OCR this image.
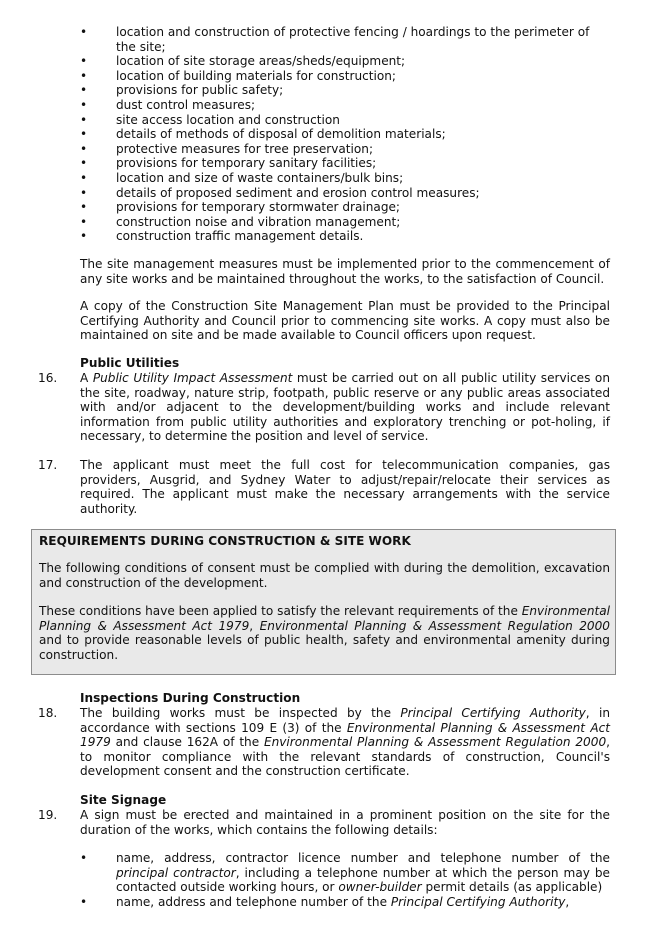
• location and construction of protective fencing / hoardings to the perimeter of the site;
• location of site storage areas/sheds/equipment;
• location of building materials for construction;
• provisions for public safety;
• dust control measures;
• site access location and construction
• details of methods of disposal of demolition materials;
• protective measures for tree preservation;
• provisions for temporary sanitary facilities;
• location and size of waste containers/bulk bins;
• details of proposed sediment and erosion control measures;
• provisions for temporary stormwater drainage;
• construction noise and vibration management;
• construction traffic management details.

The site management measures must be implemented prior to the commencement of any site works and be maintained throughout the works, to the satisfaction of Council.

A copy of the Construction Site Management Plan must be provided to the Principal Certifying Authority and Council prior to commencing site works. A copy must also be maintained on site and be made available to Council officers upon request.

Public Utilities

16. A Public Utility Impact Assessment must be carried out on all public utility services on the site, roadway, nature strip, footpath, public reserve or any public areas associated with and/or adjacent to the development/building works and include relevant information from public utility authorities and exploratory trenching or pot-holing, if necessary, to determine the position and level of service.

17. The applicant must meet the full cost for telecommunication companies, gas providers, Ausgrid, and Sydney Water to adjust/repair/relocate their services as required. The applicant must make the necessary arrangements with the service authority.

REQUIREMENTS DURING CONSTRUCTION & SITE WORK

The following conditions of consent must be complied with during the demolition, excavation and construction of the development.

These conditions have been applied to satisfy the relevant requirements of the Environmental Planning & Assessment Act 1979, Environmental Planning & Assessment Regulation 2000 and to provide reasonable levels of public health, safety and environmental amenity during construction.

Inspections During Construction

18. The building works must be inspected by the Principal Certifying Authority, in accordance with sections 109 E (3) of the Environmental Planning & Assessment Act 1979 and clause 162A of the Environmental Planning & Assessment Regulation 2000, to monitor compliance with the relevant standards of construction, Council's development consent and the construction certificate.

Site Signage

19. A sign must be erected and maintained in a prominent position on the site for the duration of the works, which contains the following details:

• name, address, contractor licence number and telephone number of the principal contractor, including a telephone number at which the person may be contacted outside working hours, or owner-builder permit details (as applicable)
• name, address and telephone number of the Principal Certifying Authority,
